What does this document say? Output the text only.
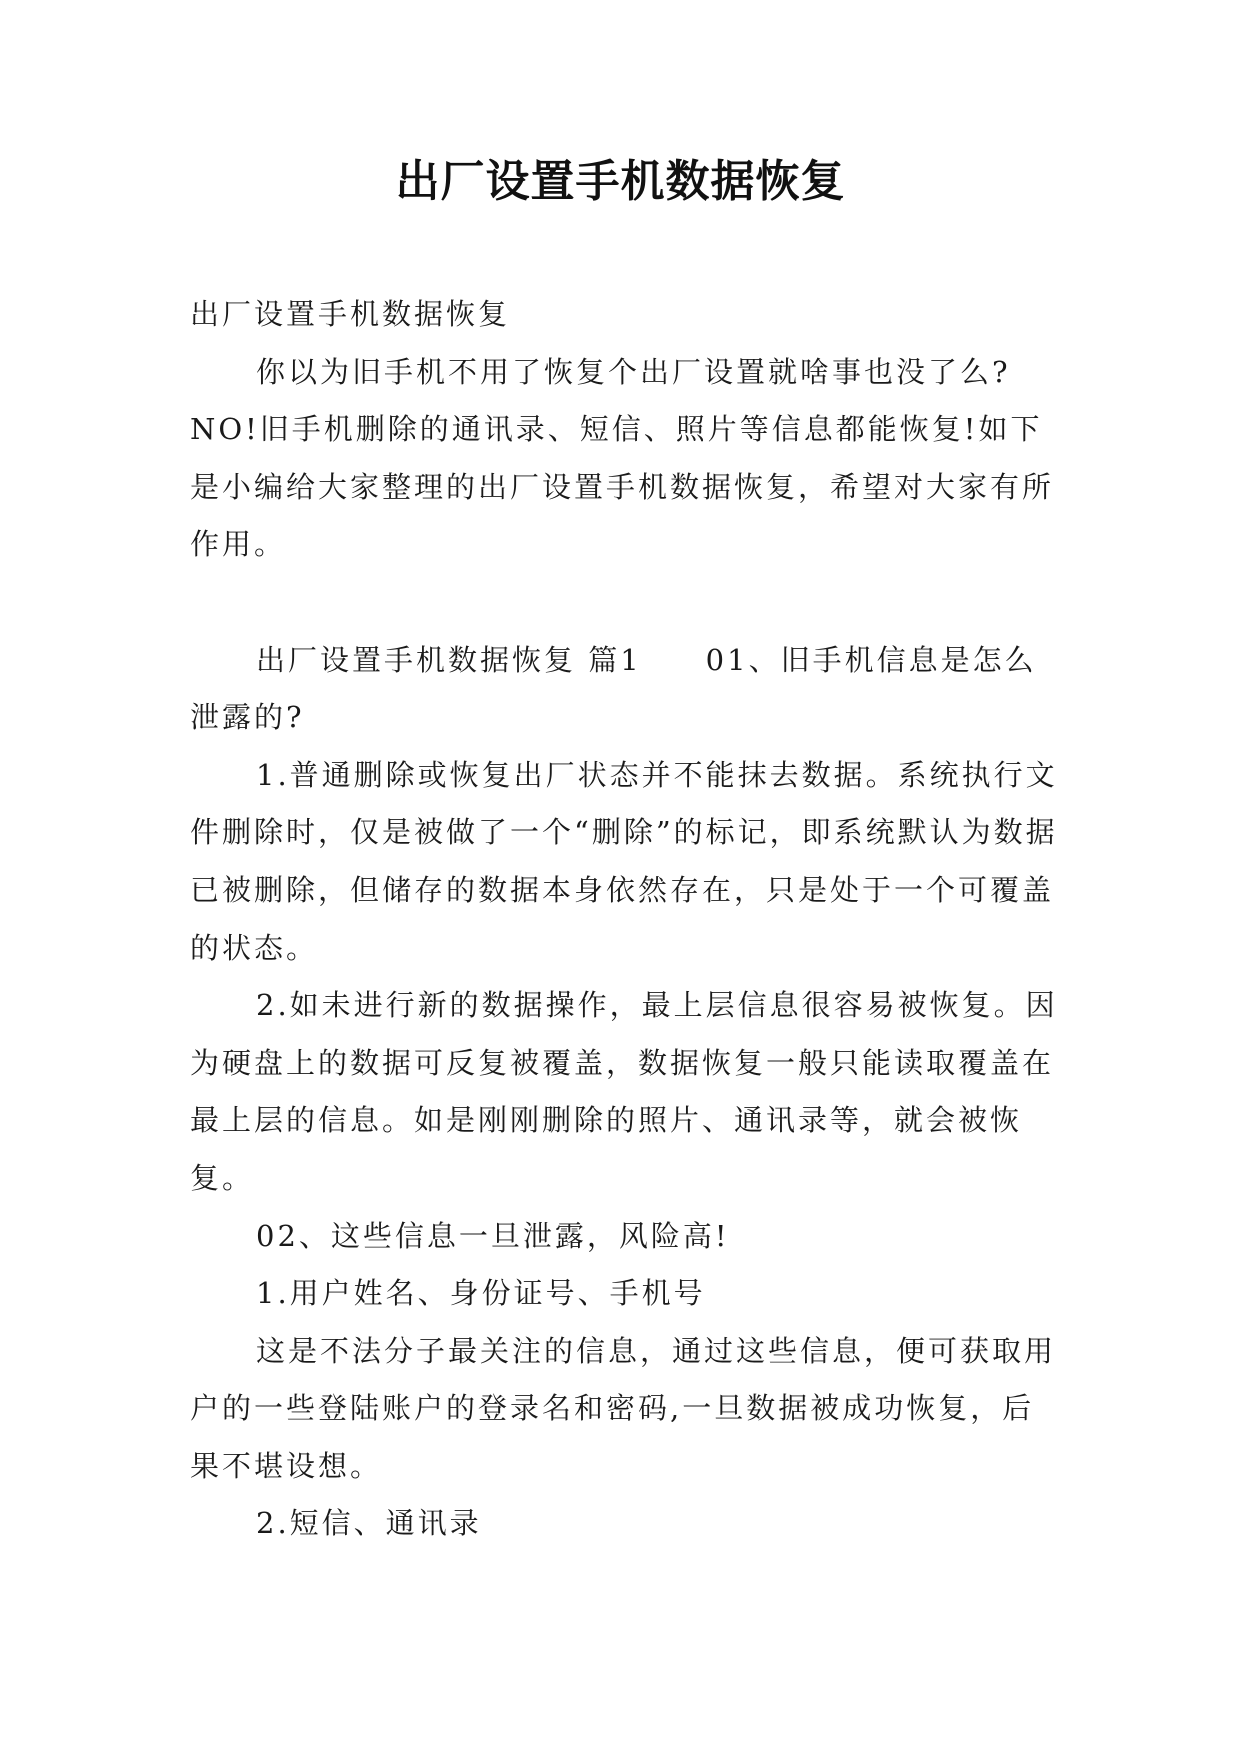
出厂设置手机数据恢复

出厂设置手机数据恢复

你以为旧手机不用了恢复个出厂设置就啥事也没了么?NO!旧手机删除的通讯录、短信、照片等信息都能恢复!如下是小编给大家整理的出厂设置手机数据恢复，希望对大家有所作用。

出厂设置手机数据恢复 篇1　　01、旧手机信息是怎么泄露的?

1.普通删除或恢复出厂状态并不能抹去数据。系统执行文件删除时，仅是被做了一个“删除”的标记，即系统默认为数据已被删除，但储存的数据本身依然存在，只是处于一个可覆盖的状态。

2.如未进行新的数据操作，最上层信息很容易被恢复。因为硬盘上的数据可反复被覆盖，数据恢复一般只能读取覆盖在最上层的信息。如是刚刚删除的照片、通讯录等，就会被恢复。

02、这些信息一旦泄露，风险高!

1.用户姓名、身份证号、手机号

这是不法分子最关注的信息，通过这些信息，便可获取用户的一些登陆账户的登录名和密码,一旦数据被成功恢复，后果不堪设想。

2.短信、通讯录
